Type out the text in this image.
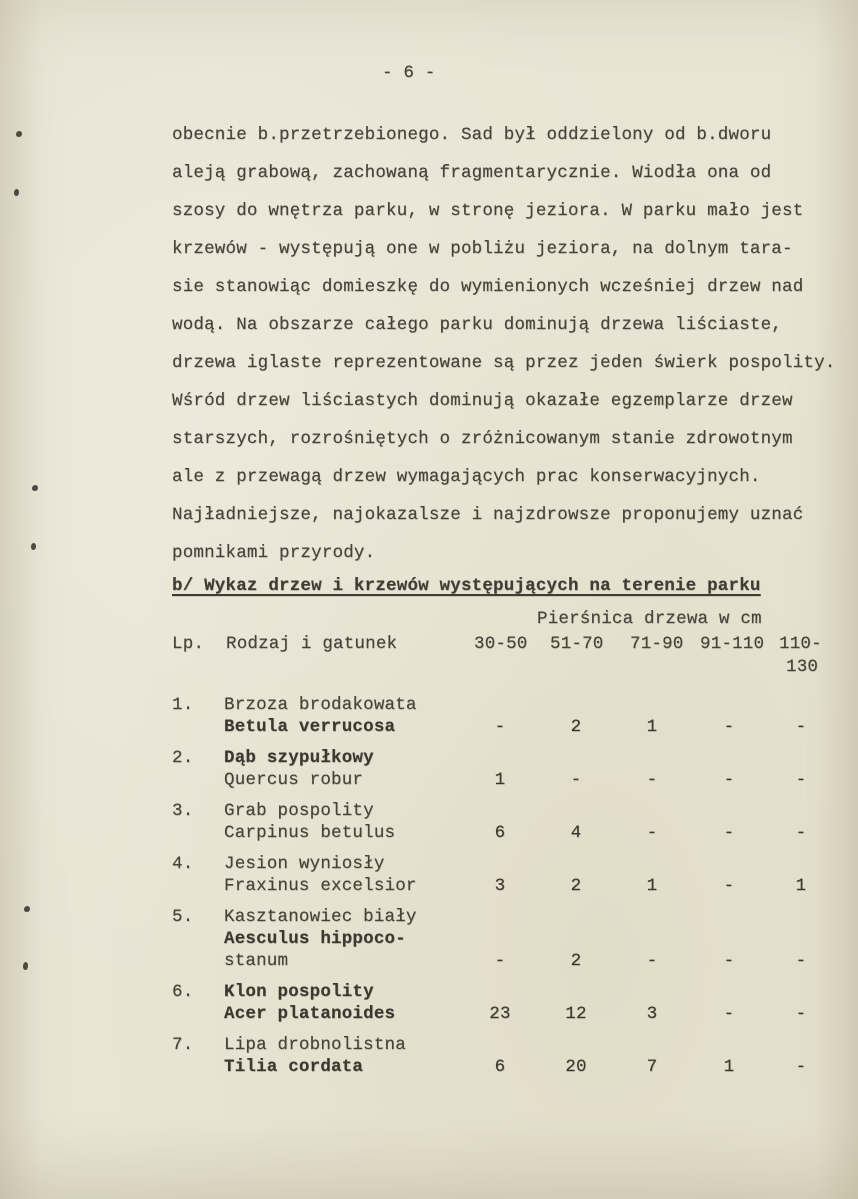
- 6 -
obecnie b.przetrzebionego. Sad był oddzielony od b.dworu
aleją grabową, zachowaną fragmentarycznie. Wiodła ona od
szosy do wnętrza parku, w stronę jeziora. W parku mało jest
krzewów - występują one w pobliżu jeziora, na dolnym tara-
sie stanowiąc domieszkę do wymienionych wcześniej drzew nad
wodą. Na obszarze całego parku dominują drzewa liściaste,
drzewa iglaste reprezentowane są przez jeden świerk pospolity.
Wśród drzew liściastych dominują okazałe egzemplarze drzew
starszych, rozrośniętych o zróżnicowanym stanie zdrowotnym
ale z przewagą drzew wymagających prac konserwacyjnych.
Najładniejsze, najokazalsze i najzdrowsze proponujemy uznać
pomnikami przyrody.
b/ Wykaz drzew i krzewów występujących na terenie parku
Pierśnica drzewa w cm
Lp. Rodzaj i gatunek	30-50 51-70 71-90 91-110 110-
130
1. Brzoza brodakowata
Betula verrucosa	-	2	1	-	-
2. Dąb szypułkowy
Quercus robur	1	-	-	-	-
3. Grab pospolity
Carpinus betulus	6	4	-	-	-
4. Jesion wyniosły
Fraxinus excelsior	3	2	1	-	1
5. Kasztanowiec biały
Aesculus hippoco-
stanum	-	2	-	-	-
6. Klon pospolity
Acer platanoides	23	12	3	-	-
7. Lipa drobnolistna
Tilia cordata	6	20	7	1	-
